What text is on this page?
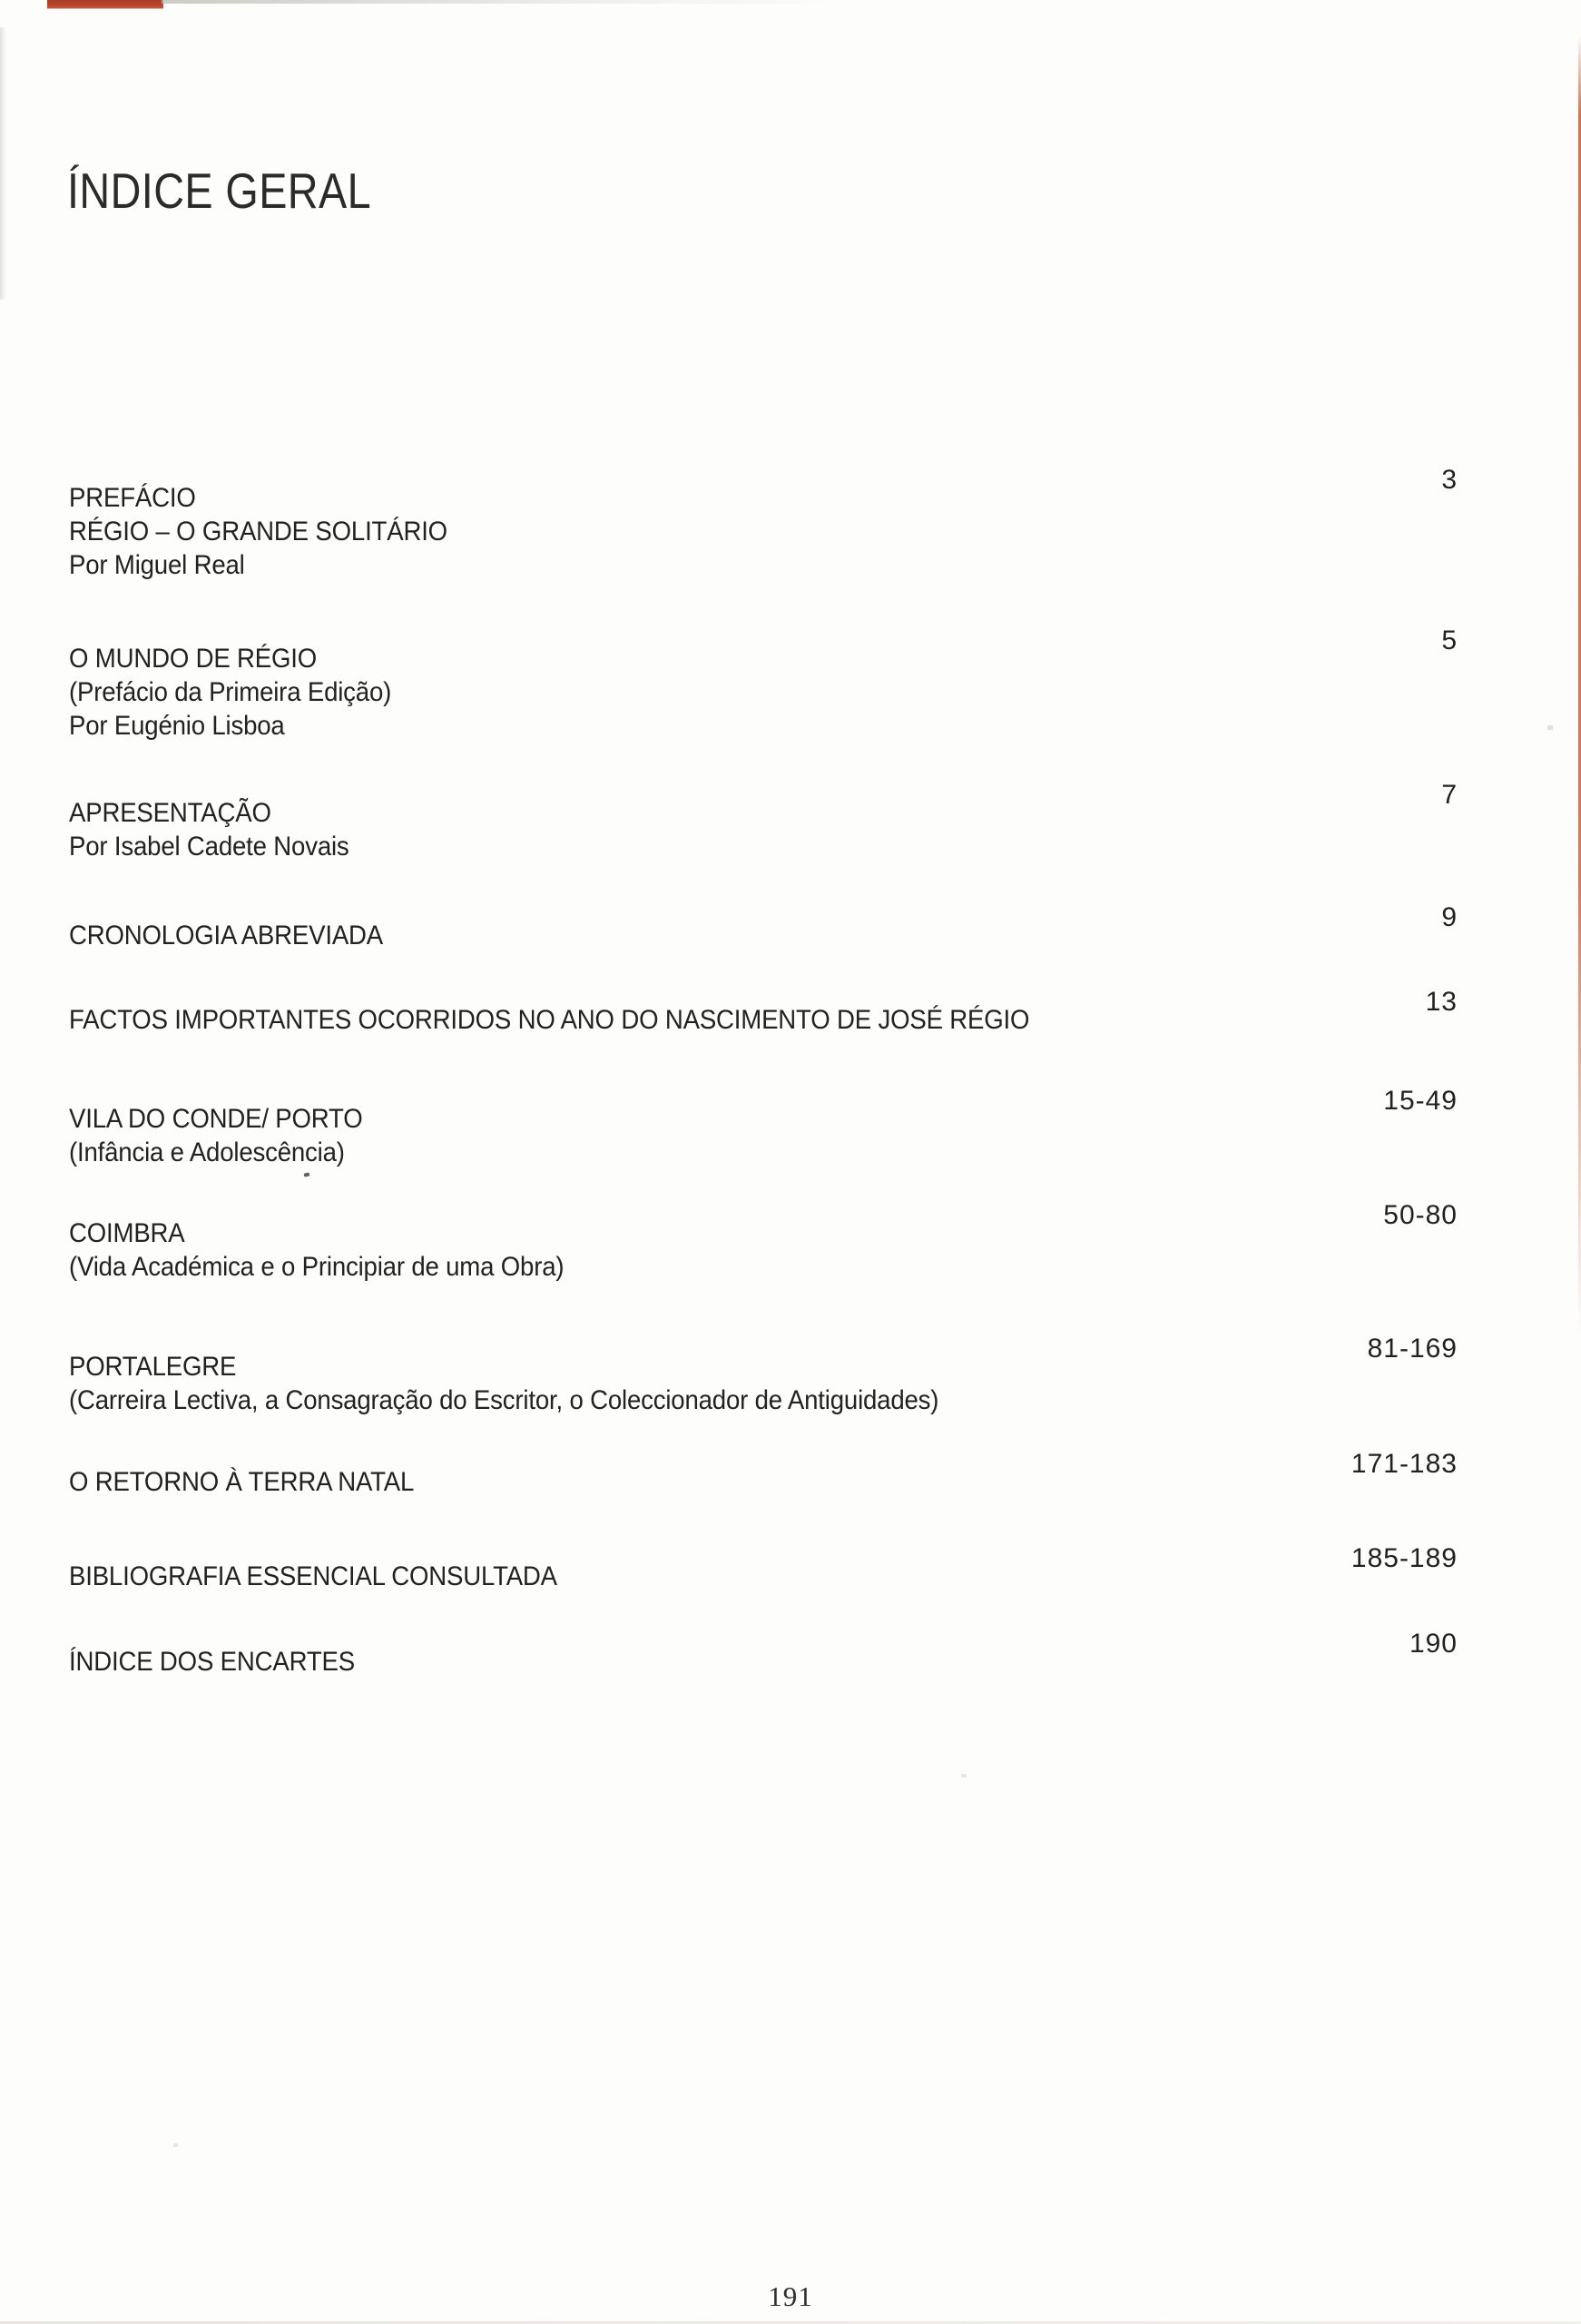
ÍNDICE GERAL
PREFÁCIO
RÉGIO – O GRANDE SOLITÁRIO
Por Miguel Real
3
O MUNDO DE RÉGIO
(Prefácio da Primeira Edição)
Por Eugénio Lisboa
5
APRESENTAÇÃO
Por Isabel Cadete Novais
7
CRONOLOGIA ABREVIADA
9
FACTOS IMPORTANTES OCORRIDOS NO ANO DO NASCIMENTO DE JOSÉ RÉGIO
13
VILA DO CONDE/ PORTO
(Infância e Adolescência)
15-49
COIMBRA
(Vida Académica e o Principiar de uma Obra)
50-80
PORTALEGRE
(Carreira Lectiva, a Consagração do Escritor, o Coleccionador de Antiguidades)
81-169
O RETORNO À TERRA NATAL
171-183
BIBLIOGRAFIA ESSENCIAL CONSULTADA
185-189
ÍNDICE DOS ENCARTES
190
191
